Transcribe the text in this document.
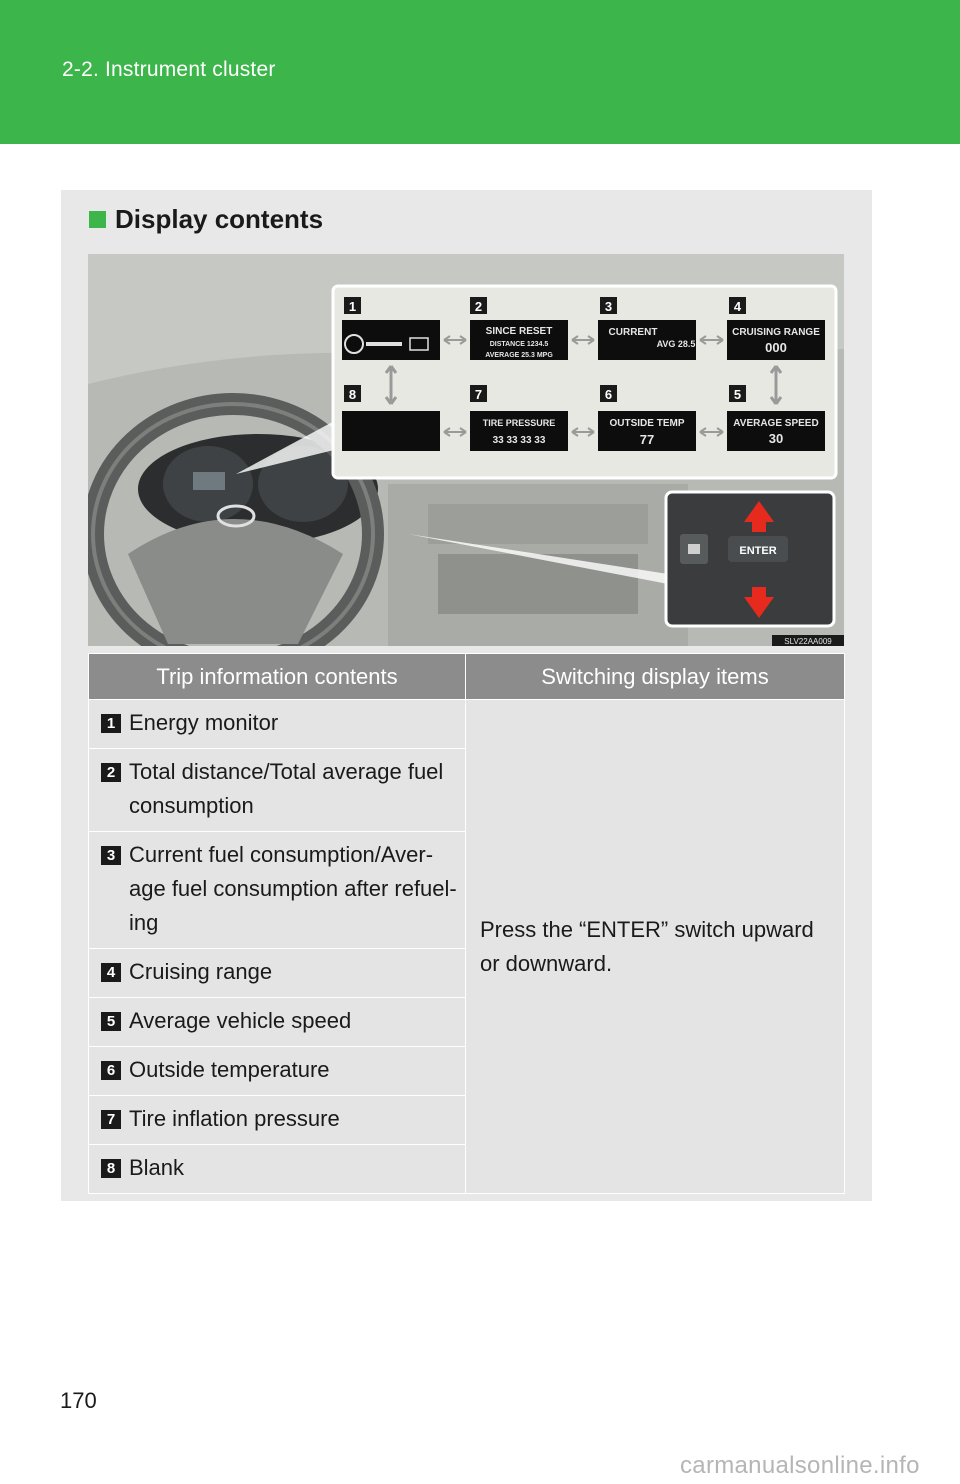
2-2. Instrument cluster
Display contents
1	2	3	4
5
6
7
8
SINCE RESET
DISTANCE 1234.5
AVERAGE 25.3 MPG
CURRENT
AVG 28.5
CRUISING RANGE
000
AVERAGE SPEED
30
OUTSIDE TEMP
77
TIRE PRESSURE
33 33 33 33
ENTER
SLV22AA009
Trip information contents	Switching display items

1 Energy monitor	Press the “ENTER” switch upward or downward.

2 Total distance/Total average fuel consumption	

3 Current fuel consumption/Average fuel consumption after refueling	

4 Cruising range	

5 Average vehicle speed	

6 Outside temperature	

7 Tire inflation pressure	

8 Blank	
170
carmanualsonline.info
